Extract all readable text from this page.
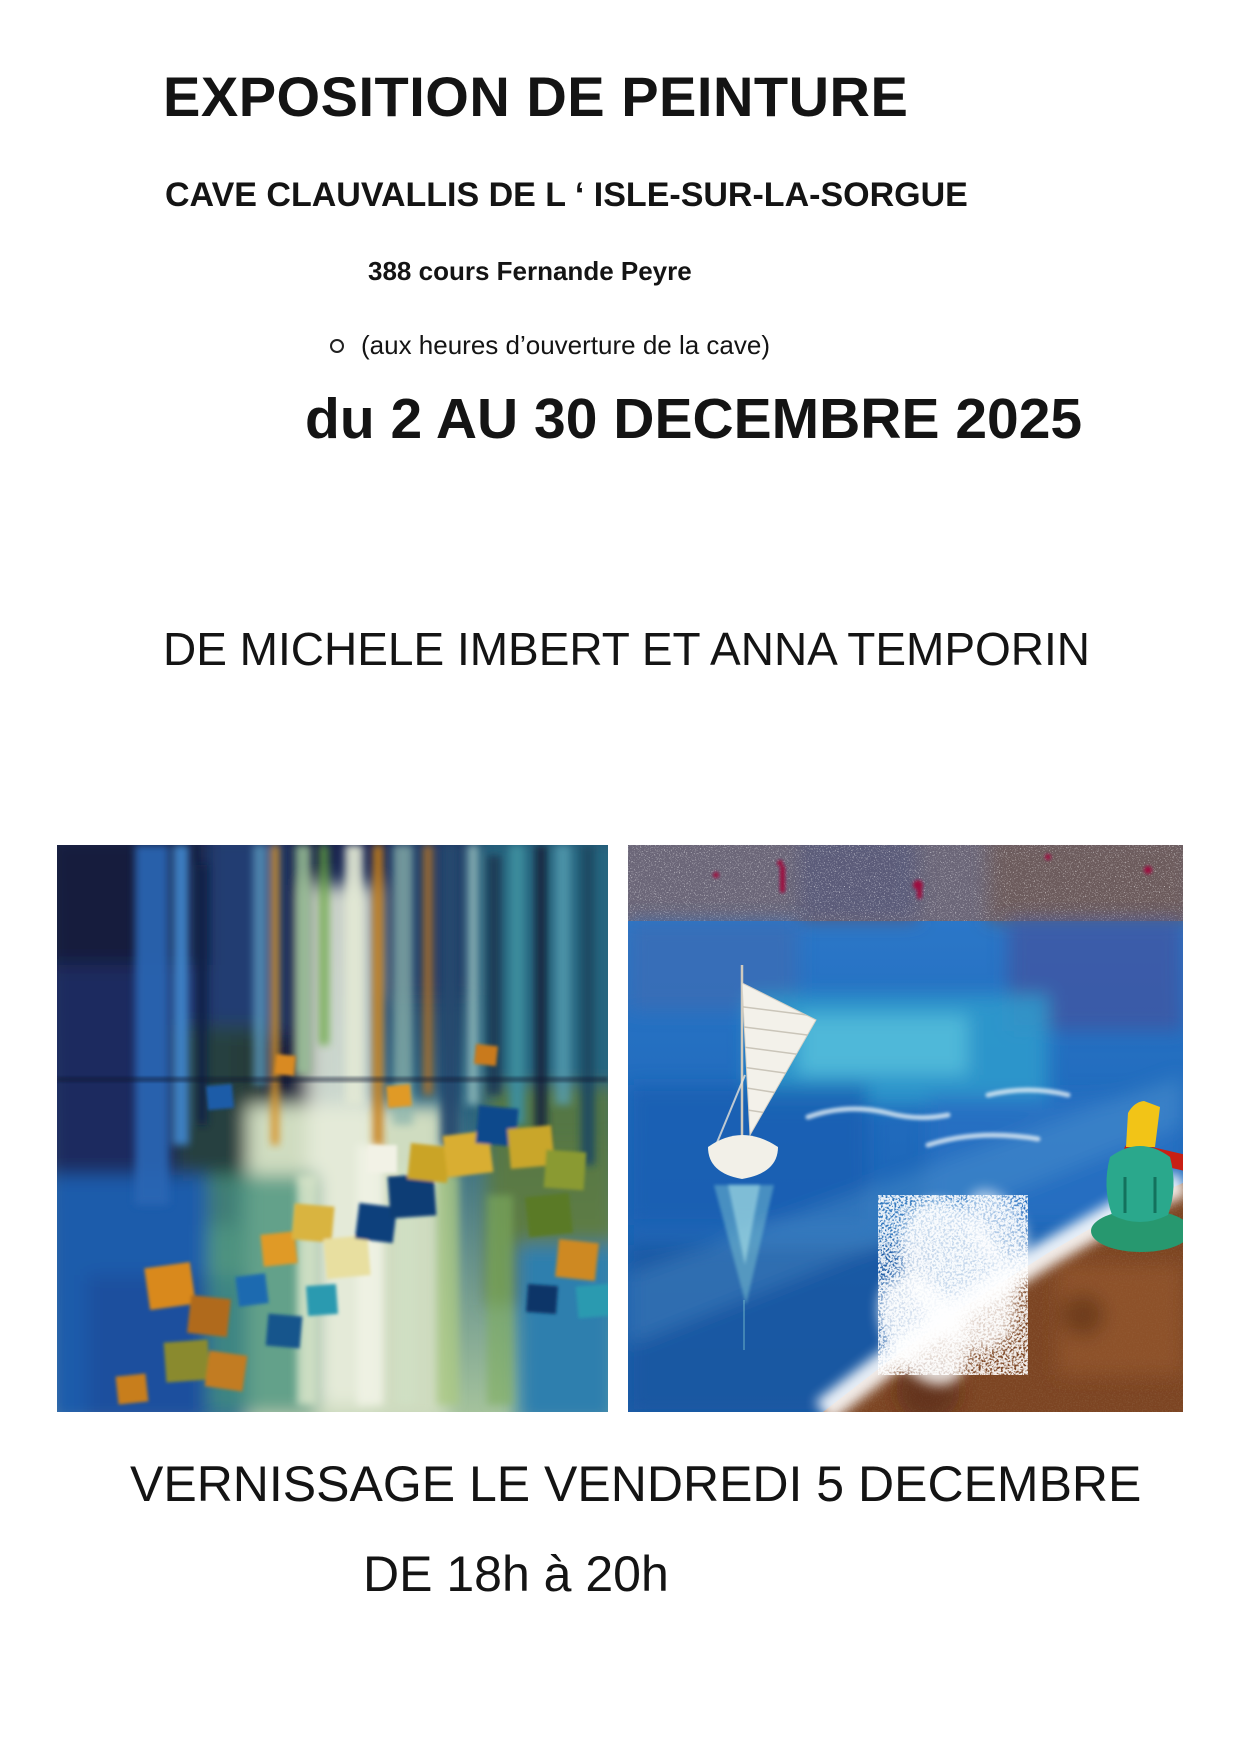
EXPOSITION DE PEINTURE
CAVE CLAUVALLIS DE L ‘ ISLE-SUR-LA-SORGUE
388 cours Fernande Peyre
(aux heures d’ouverture de la cave)
du 2 AU 30 DECEMBRE 2025
DE MICHELE IMBERT ET ANNA TEMPORIN
VERNISSAGE LE VENDREDI 5 DECEMBRE
DE 18h à 20h
